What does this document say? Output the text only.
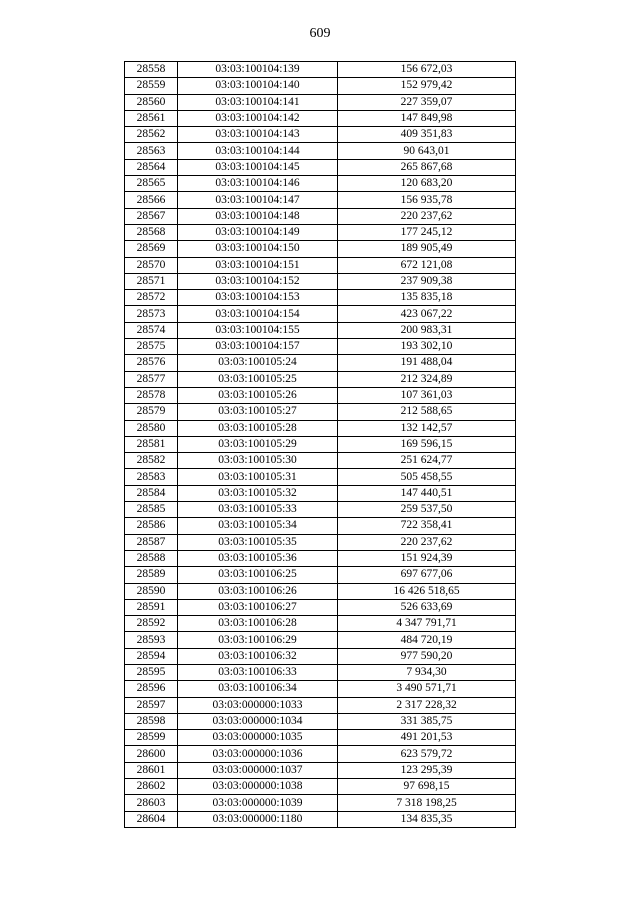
609
28558	03:03:100104:139	156 672,03
28559	03:03:100104:140	152 979,42
28560	03:03:100104:141	227 359,07
28561	03:03:100104:142	147 849,98
28562	03:03:100104:143	409 351,83
28563	03:03:100104:144	90 643,01
28564	03:03:100104:145	265 867,68
28565	03:03:100104:146	120 683,20
28566	03:03:100104:147	156 935,78
28567	03:03:100104:148	220 237,62
28568	03:03:100104:149	177 245,12
28569	03:03:100104:150	189 905,49
28570	03:03:100104:151	672 121,08
28571	03:03:100104:152	237 909,38
28572	03:03:100104:153	135 835,18
28573	03:03:100104:154	423 067,22
28574	03:03:100104:155	200 983,31
28575	03:03:100104:157	193 302,10
28576	03:03:100105:24	191 488,04
28577	03:03:100105:25	212 324,89
28578	03:03:100105:26	107 361,03
28579	03:03:100105:27	212 588,65
28580	03:03:100105:28	132 142,57
28581	03:03:100105:29	169 596,15
28582	03:03:100105:30	251 624,77
28583	03:03:100105:31	505 458,55
28584	03:03:100105:32	147 440,51
28585	03:03:100105:33	259 537,50
28586	03:03:100105:34	722 358,41
28587	03:03:100105:35	220 237,62
28588	03:03:100105:36	151 924,39
28589	03:03:100106:25	697 677,06
28590	03:03:100106:26	16 426 518,65
28591	03:03:100106:27	526 633,69
28592	03:03:100106:28	4 347 791,71
28593	03:03:100106:29	484 720,19
28594	03:03:100106:32	977 590,20
28595	03:03:100106:33	7 934,30
28596	03:03:100106:34	3 490 571,71
28597	03:03:000000:1033	2 317 228,32
28598	03:03:000000:1034	331 385,75
28599	03:03:000000:1035	491 201,53
28600	03:03:000000:1036	623 579,72
28601	03:03:000000:1037	123 295,39
28602	03:03:000000:1038	97 698,15
28603	03:03:000000:1039	7 318 198,25
28604	03:03:000000:1180	134 835,35
